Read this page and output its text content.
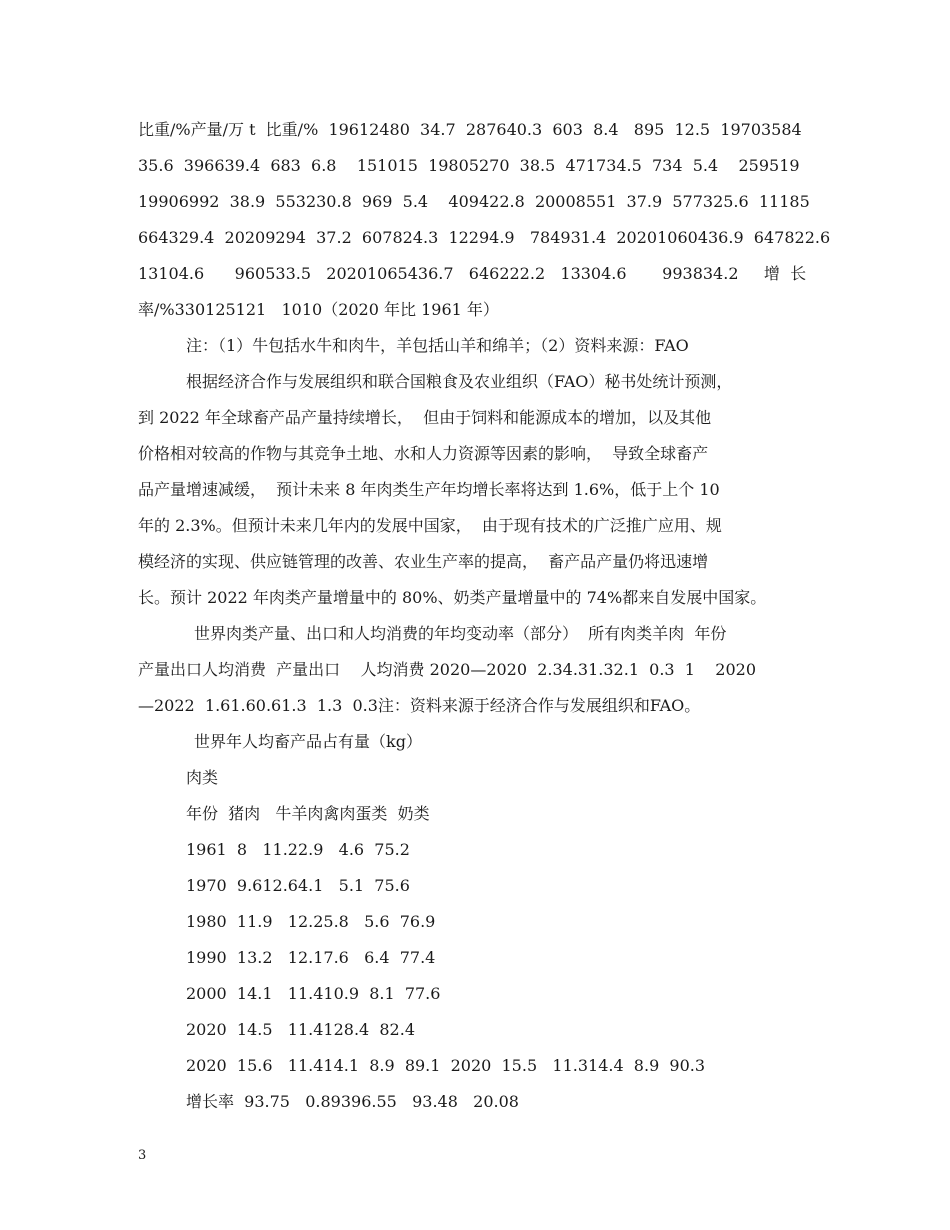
比重/%产量/万 t  比重/%  19612480  34.7  287640.3  603  8.4   895  12.5  19703584
35.6  396639.4  683  6.8    151015  19805270  38.5  471734.5  734  5.4    259519
19906992  38.9  553230.8  969  5.4    409422.8  20008551  37.9  577325.6  11185
664329.4  20209294  37.2  607824.3  12294.9   784931.4  20201060436.9  647822.6
13104.6      960533.5   20201065436.7   646222.2   13304.6       993834.2     增  长
率/%330125121   1010（2020 年比 1961 年）
注：（1）牛包括水牛和肉牛，羊包括山羊和绵羊；（2）资料来源：FAO
根据经济合作与发展组织和联合国粮食及农业组织（FAO）秘书处统计预测，
到 2022 年全球畜产品产量持续增长，  但由于饲料和能源成本的增加，以及其他
价格相对较高的作物与其竞争土地、水和人力资源等因素的影响，  导致全球畜产
品产量增速减缓，  预计未来 8 年肉类生产年均增长率将达到 1.6%，低于上个 10
年的 2.3%。但预计未来几年内的发展中国家，  由于现有技术的广泛推广应用、规
模经济的实现、供应链管理的改善、农业生产率的提高，  畜产品产量仍将迅速增
长。预计 2022 年肉类产量增量中的 80%、奶类产量增量中的 74%都来自发展中国家。
世界肉类产量、出口和人均消费的年均变动率（部分）  所有肉类羊肉  年份
产量出口人均消费  产量出口    人均消费 2020—2020  2.34.31.32.1  0.3  1    2020
—2022  1.61.60.61.3  1.3  0.3注：资料来源于经济合作与发展组织和FAO。
世界年人均畜产品占有量（kg）
肉类
年份  猪肉   牛羊肉禽肉蛋类  奶类
1961  8   11.22.9   4.6  75.2
1970  9.612.64.1   5.1  75.6
1980  11.9   12.25.8   5.6  76.9
1990  13.2   12.17.6   6.4  77.4
2000  14.1   11.410.9  8.1  77.6
2020  14.5   11.4128.4  82.4
2020  15.6   11.414.1  8.9  89.1  2020  15.5   11.314.4  8.9  90.3
增长率  93.75   0.89396.55   93.48   20.08
3
